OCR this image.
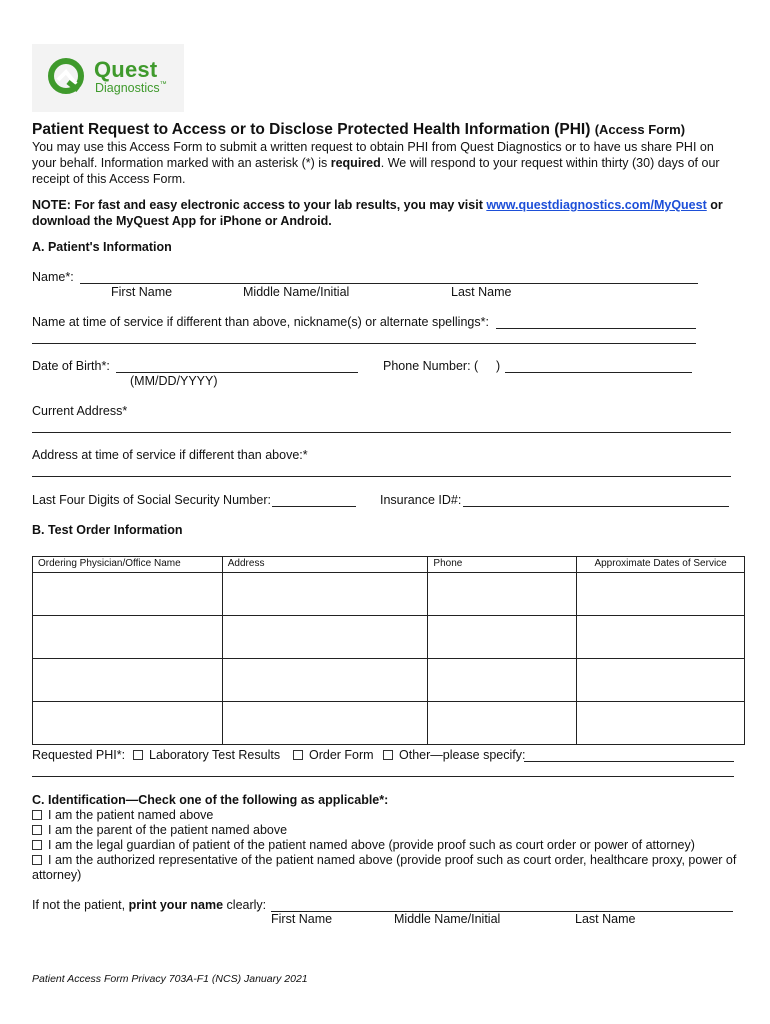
Quest
Diagnostics™
Patient Request to Access or to Disclose Protected Health Information (PHI) (Access Form)
You may use this Access Form to submit a written request to obtain PHI from Quest Diagnostics or to have us share PHI on your behalf. Information marked with an asterisk (*) is required. We will respond to your request within thirty (30) days of our receipt of this Access Form.
NOTE: For fast and easy electronic access to your lab results, you may visit www.questdiagnostics.com/MyQuest or download the MyQuest App for iPhone or Android.
A. Patient's Information
Name*:
First Name	Middle Name/Initial	Last Name
Name at time of service if different than above, nickname(s) or alternate spellings*:
Date of Birth*:
(MM/DD/YYYY)
Phone Number: ( )
Current Address*
Address at time of service if different than above:*
Last Four Digits of Social Security Number:	Insurance ID#:
B. Test Order Information
Ordering Physician/Office Name	Address	Phone	Approximate Dates of Service

Requested PHI*:	Laboratory Test Results	Order Form	Other—please specify:
C. Identification—Check one of the following as applicable*:
I am the patient named above
I am the parent of the patient named above
I am the legal guardian of patient of the patient named above (provide proof such as court order or power of attorney)
I am the authorized representative of the patient named above (provide proof such as court order, healthcare proxy, power of attorney)
If not the patient, print your name clearly:
First Name	Middle Name/Initial	Last Name
Patient Access Form Privacy 703A-F1 (NCS) January 2021
